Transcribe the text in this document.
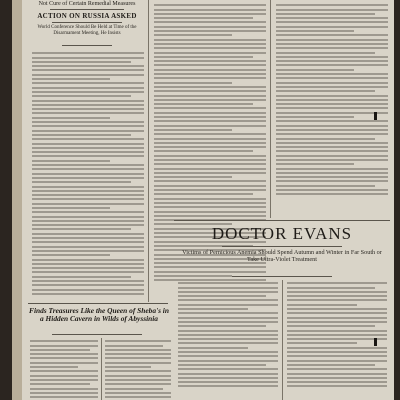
Not Cure of Certain Remedial Measures
ACTION ON RUSSIA ASKED
World Conference Should Be Held at Time of the Disarmament Meeting, He Insists
DOCTOR EVANS
Victims of Pernicious Anemia Should Spend Autumn and Winter in Far South or Take Ultra-Violet Treatment
Finds Treasures Like the Queen of Sheba's in a Hidden Cavern in Wilds of Abyssinia
